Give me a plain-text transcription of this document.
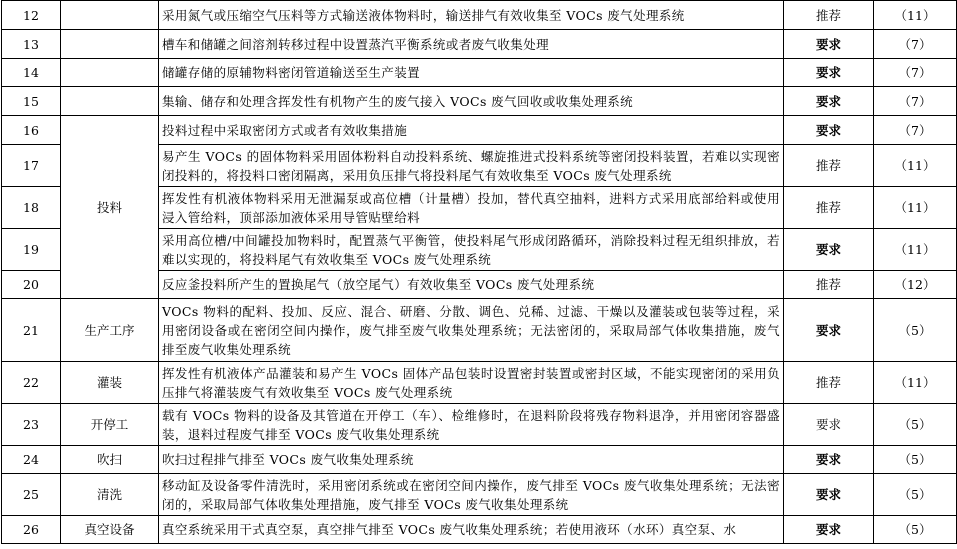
12		采用氮气或压缩空气压料等方式输送液体物料时，输送排气有效收集至 VOCs 废气处理系统	推荐	（11）
13		槽车和储罐之间溶剂转移过程中设置蒸汽平衡系统或者废气收集处理	要求	（7）
14		储罐存储的原辅物料密闭管道输送至生产装置	要求	（7）
15		集输、储存和处理含挥发性有机物产生的废气接入 VOCs 废气回收或收集处理系统	要求	（7）
16	投料	投料过程中采取密闭方式或者有效收集措施	要求	（7）
17		易产生 VOCs 的固体物料采用固体粉料自动投料系统、螺旋推进式投料系统等密闭投料装置，若难以实现密闭投料的，将投料口密闭隔离，采用负压排气将投料尾气有效收集至 VOCs 废气处理系统	推荐	（11）
18		挥发性有机液体物料采用无泄漏泵或高位槽（计量槽）投加，替代真空抽料，进料方式采用底部给料或使用浸入管给料，顶部添加液体采用导管贴壁给料	推荐	（11）
19		采用高位槽/中间罐投加物料时，配置蒸气平衡管，使投料尾气形成闭路循环，消除投料过程无组织排放，若难以实现的，将投料尾气有效收集至 VOCs 废气处理系统	要求	（11）
20		反应釜投料所产生的置换尾气（放空尾气）有效收集至 VOCs 废气处理系统	推荐	（12）
21	生产工序	VOCs 物料的配料、投加、反应、混合、研磨、分散、调色、兑稀、过滤、干燥以及灌装或包装等过程，采用密闭设备或在密闭空间内操作，废气排至废气收集处理系统；无法密闭的，采取局部气体收集措施，废气排至废气收集处理系统	要求	（5）
22	灌装	挥发性有机液体产品灌装和易产生 VOCs 固体产品包装时设置密封装置或密封区域，不能实现密闭的采用负压排气将灌装废气有效收集至 VOCs 废气处理系统	推荐	（11）
23	开停工	载有 VOCs 物料的设备及其管道在开停工（车）、检维修时，在退料阶段将残存物料退净，并用密闭容器盛装，退料过程废气排至 VOCs 废气收集处理系统	要求	（5）
24	吹扫	吹扫过程排气排至 VOCs 废气收集处理系统	要求	（5）
25	清洗	移动缸及设备零件清洗时，采用密闭系统或在密闭空间内操作，废气排至 VOCs 废气收集处理系统；无法密闭的，采取局部气体收集处理措施，废气排至 VOCs 废气收集处理系统	要求	（5）
26	真空设备	真空系统采用干式真空泵，真空排气排至 VOCs 废气收集处理系统；若使用液环（水环）真空泵、水	要求	（5）
